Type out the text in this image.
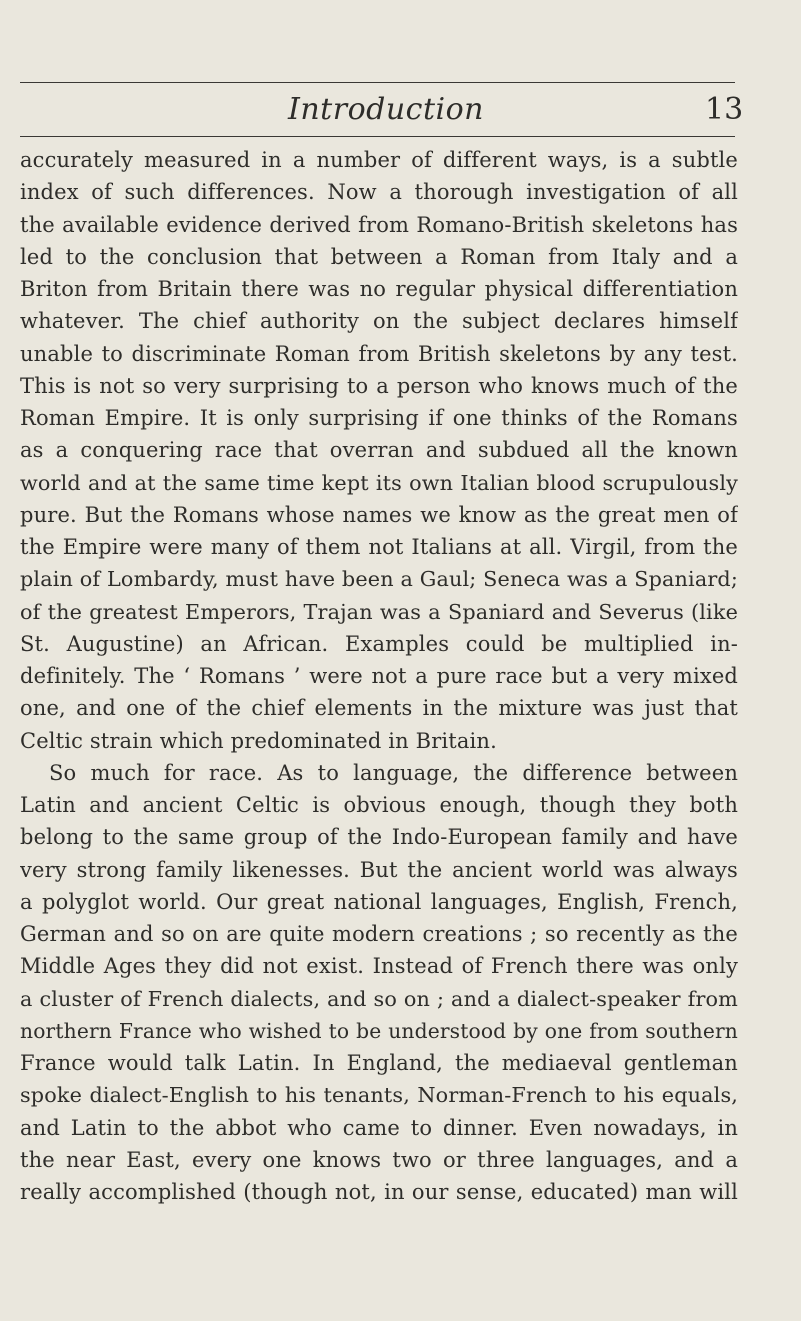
Introduction	13
accurately measured in a number of different ways, is a subtle
index of such differences. Now a thorough investigation of all
the available evidence derived from Romano-British skeletons has
led to the conclusion that between a Roman from Italy and a
Briton from Britain there was no regular physical differentiation
whatever. The chief authority on the subject declares himself
unable to discriminate Roman from British skeletons by any test.
This is not so very surprising to a person who knows much of the
Roman Empire. It is only surprising if one thinks of the Romans
as a conquering race that overran and subdued all the known
world and at the same time kept its own Italian blood scrupulously
pure. But the Romans whose names we know as the great men of
the Empire were many of them not Italians at all. Virgil, from the
plain of Lombardy, must have been a Gaul; Seneca was a Spaniard;
of the greatest Emperors, Trajan was a Spaniard and Severus (like
St. Augustine) an African. Examples could be multiplied in-
definitely. The ‘ Romans ’ were not a pure race but a very mixed
one, and one of the chief elements in the mixture was just that
Celtic strain which predominated in Britain.
So much for race. As to language, the difference between
Latin and ancient Celtic is obvious enough, though they both
belong to the same group of the Indo-European family and have
very strong family likenesses. But the ancient world was always
a polyglot world. Our great national languages, English, French,
German and so on are quite modern creations ; so recently as the
Middle Ages they did not exist. Instead of French there was only
a cluster of French dialects, and so on ; and a dialect-speaker from
northern France who wished to be understood by one from southern
France would talk Latin. In England, the mediaeval gentleman
spoke dialect-English to his tenants, Norman-French to his equals,
and Latin to the abbot who came to dinner. Even nowadays, in
the near East, every one knows two or three languages, and a
really accomplished (though not, in our sense, educated) man will
